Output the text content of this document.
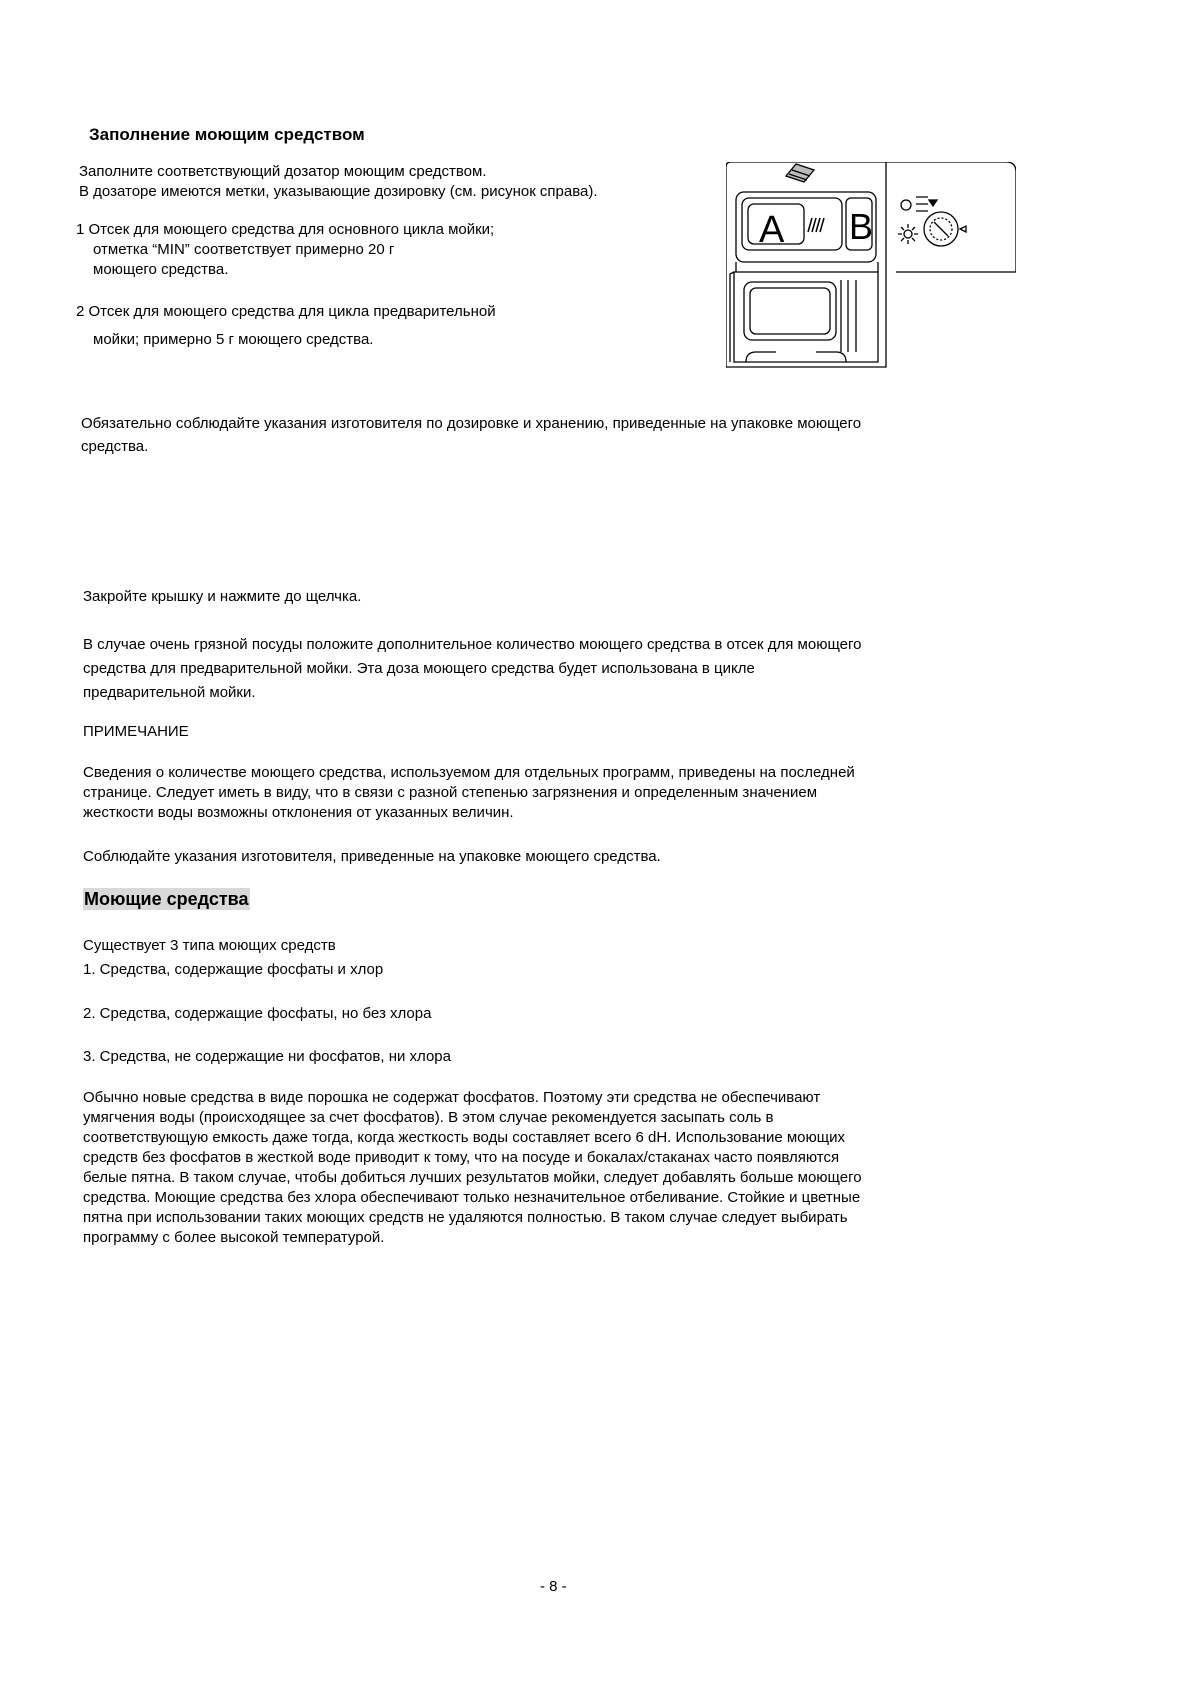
Заполнение моющим средством
Заполните соответствующий дозатор моющим средством.
В дозаторе имеются метки, указывающие дозировку (см. рисунок справа).
1 Отсек для моющего средства для основного цикла мойки;
отметка “MIN” соответствует примерно 20 г
моющего средства.
2 Отсек для моющего средства для цикла предварительной
мойки; примерно 5 г моющего средства.
A B
Обязательно соблюдайте указания изготовителя по дозировке и хранению, приведенные на упаковке моющего
средства.
Закройте крышку и нажмите до щелчка.
В случае очень грязной посуды положите дополнительное количество моющего средства в отсек для моющего
средства для предварительной мойки. Эта доза моющего средства будет использована в цикле
предварительной мойки.
ПРИМЕЧАНИЕ
Сведения о количестве моющего средства, используемом для отдельных программ, приведены на последней
странице. Следует иметь в виду, что в связи с разной степенью загрязнения и определенным значением
жесткости воды возможны отклонения от указанных величин.
Соблюдайте указания изготовителя, приведенные на упаковке моющего средства.
Моющие средства
Существует 3 типа моющих средств
1. Средства, содержащие фосфаты и хлор
2. Средства, содержащие фосфаты, но без хлора
3. Средства, не содержащие ни фосфатов, ни хлора
Обычно новые средства в виде порошка не содержат фосфатов. Поэтому эти средства не обеспечивают
умягчения воды (происходящее за счет фосфатов). В этом случае рекомендуется засыпать соль в
соответствующую емкость даже тогда, когда жесткость воды составляет всего 6 dH. Использование моющих
средств без фосфатов в жесткой воде приводит к тому, что на посуде и бокалах/стаканах часто появляются
белые пятна. В таком случае, чтобы добиться лучших результатов мойки, следует добавлять больше моющего
средства. Моющие средства без хлора обеспечивают только незначительное отбеливание. Стойкие и цветные
пятна при использовании таких моющих средств не удаляются полностью. В таком случае следует выбирать
программу с более высокой температурой.
- 8 -
